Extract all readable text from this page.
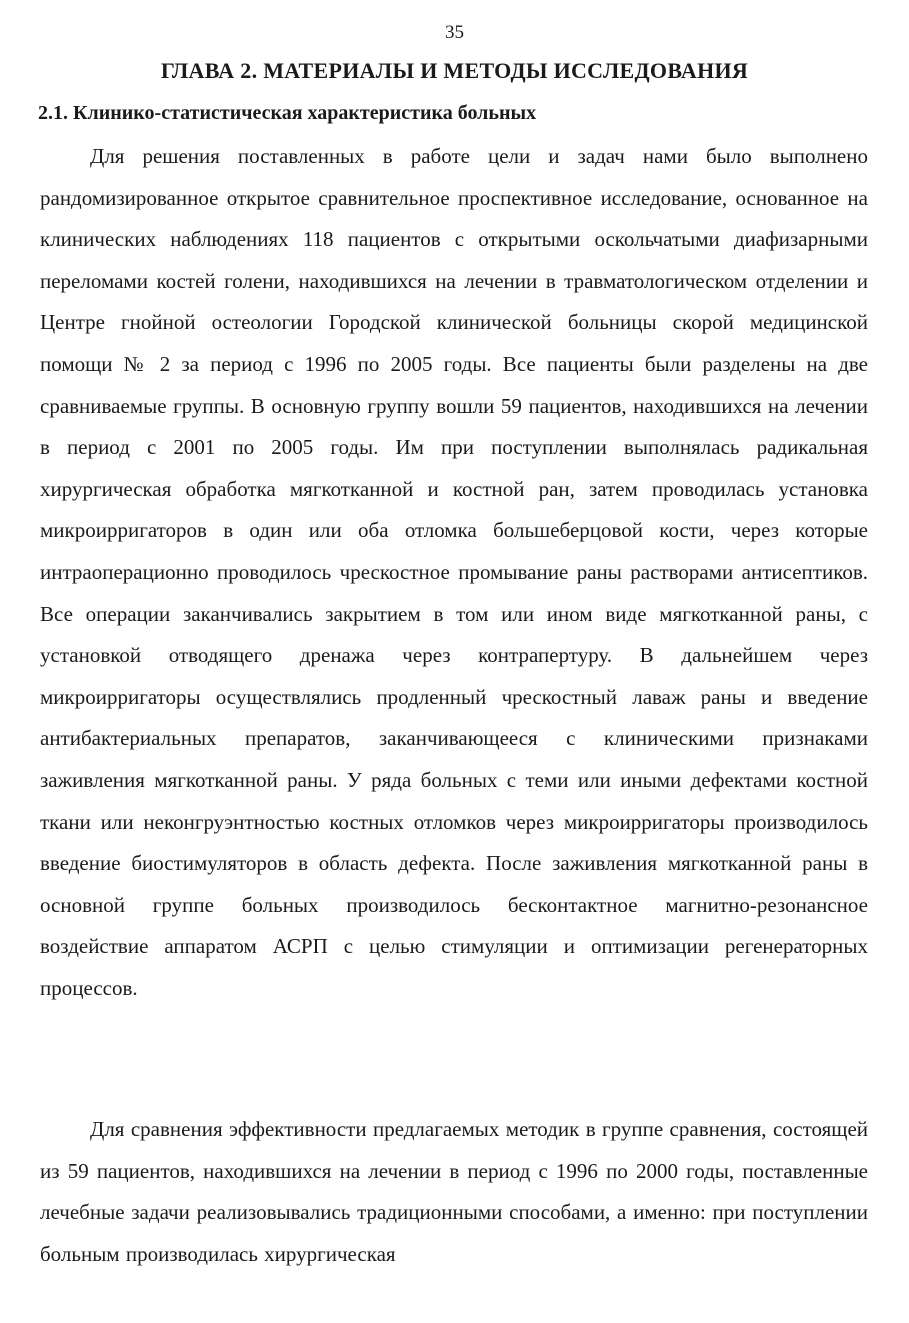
35
ГЛАВА 2. МАТЕРИАЛЫ И МЕТОДЫ ИССЛЕДОВАНИЯ
2.1. Клинико-статистическая характеристика больных

Для решения поставленных в работе цели и задач нами было выполнено рандомизированное открытое сравнительное проспективное исследование, основанное на клинических наблюдениях 118 пациентов с открытыми оскольчатыми диафизарными переломами костей голени, находившихся на лечении в травматологическом отделении и Центре гнойной остеологии Городской клинической больницы скорой медицинской помощи № 2 за период с 1996 по 2005 годы. Все пациенты были разделены на две сравниваемые группы. В основную группу вошли 59 пациентов, находившихся на лечении в период с 2001 по 2005 годы. Им при поступлении выполнялась радикальная хирургическая обработка мягкотканной и костной ран, затем проводилась установка микроирригаторов в один или оба отломка большеберцовой кости, через которые интраоперационно проводилось чрескостное промывание раны растворами антисептиков. Все операции заканчивались закрытием в том или ином виде мягкотканной раны, с установкой отводящего дренажа через контрапертуру. В дальнейшем через микроирригаторы осуществлялись продленный чрескостный лаваж раны и введение антибактериальных препаратов, заканчивающееся с клиническими признаками заживления мягкотканной раны. У ряда больных с теми или иными дефектами костной ткани или неконгруэнтностью костных отломков через микроирригаторы производилось введение биостимуляторов в область дефекта. После заживления мягкотканной раны в основной группе больных производилось бесконтактное магнитно-резонансное воздействие аппаратом АСРП с целью стимуляции и оптимизации регенераторных процессов.

Для сравнения эффективности предлагаемых методик в группе сравнения, состоящей из 59 пациентов, находившихся на лечении в период с 1996 по 2000 годы, поставленные лечебные задачи реализовывались традиционными способами, а именно: при поступлении больным производилась хирургическая
